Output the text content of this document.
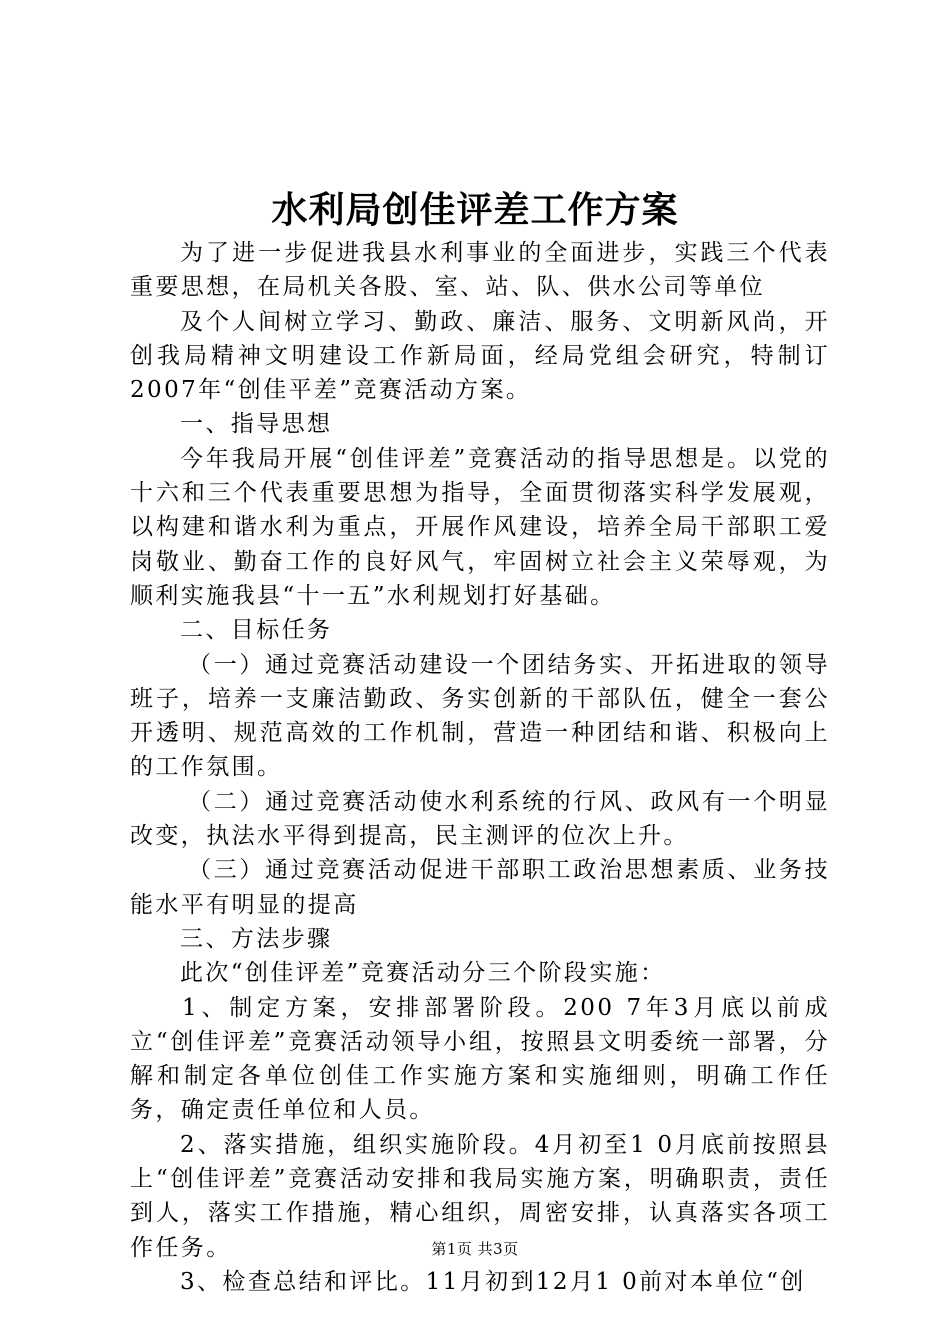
水利局创佳评差工作方案

为了进一步促进我县水利事业的全面进步，实践三个代表重要思想，在局机关各股、室、站、队、供水公司等单位

及个人间树立学习、勤政、廉洁、服务、文明新风尚，开创我局精神文明建设工作新局面，经局党组会研究，特制订2007年“创佳平差”竞赛活动方案。

一、指导思想

今年我局开展“创佳评差”竞赛活动的指导思想是。以党的十六和三个代表重要思想为指导，全面贯彻落实科学发展观，以构建和谐水利为重点，开展作风建设，培养全局干部职工爱岗敬业、勤奋工作的良好风气，牢固树立社会主义荣辱观，为顺利实施我县“十一五”水利规划打好基础。

二、目标任务

（一）通过竞赛活动建设一个团结务实、开拓进取的领导班子，培养一支廉洁勤政、务实创新的干部队伍，健全一套公开透明、规范高效的工作机制，营造一种团结和谐、积极向上的工作氛围。

（二）通过竞赛活动使水利系统的行风、政风有一个明显改变，执法水平得到提高，民主测评的位次上升。

（三）通过竞赛活动促进干部职工政治思想素质、业务技能水平有明显的提高

三、方法步骤

此次“创佳评差”竞赛活动分三个阶段实施：

1、制定方案，安排部署阶段。200 7年3月底以前成立“创佳评差”竞赛活动领导小组，按照县文明委统一部署，分解和制定各单位创佳工作实施方案和实施细则，明确工作任务，确定责任单位和人员。

2、落实措施，组织实施阶段。4月初至1 0月底前按照县上“创佳评差”竞赛活动安排和我局实施方案，明确职责，责任到人，落实工作措施，精心组织，周密安排，认真落实各项工作任务。

3、检查总结和评比。11月初到12月1 0前对本单位“创

第1页 共3页
